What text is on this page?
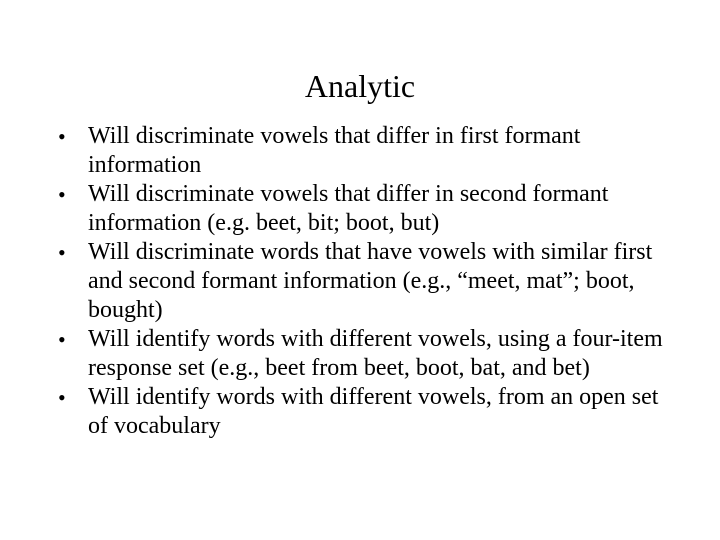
Analytic
• Will discriminate vowels that differ in first formant information
• Will discriminate vowels that differ in second formant information (e.g. beet, bit; boot, but)
• Will discriminate words that have vowels with similar first and second formant information (e.g., “meet, mat”; boot, bought)
• Will identify words with different vowels, using a four-item response set (e.g., beet from beet, boot, bat, and bet)
• Will identify words with different vowels, from an open set of vocabulary
